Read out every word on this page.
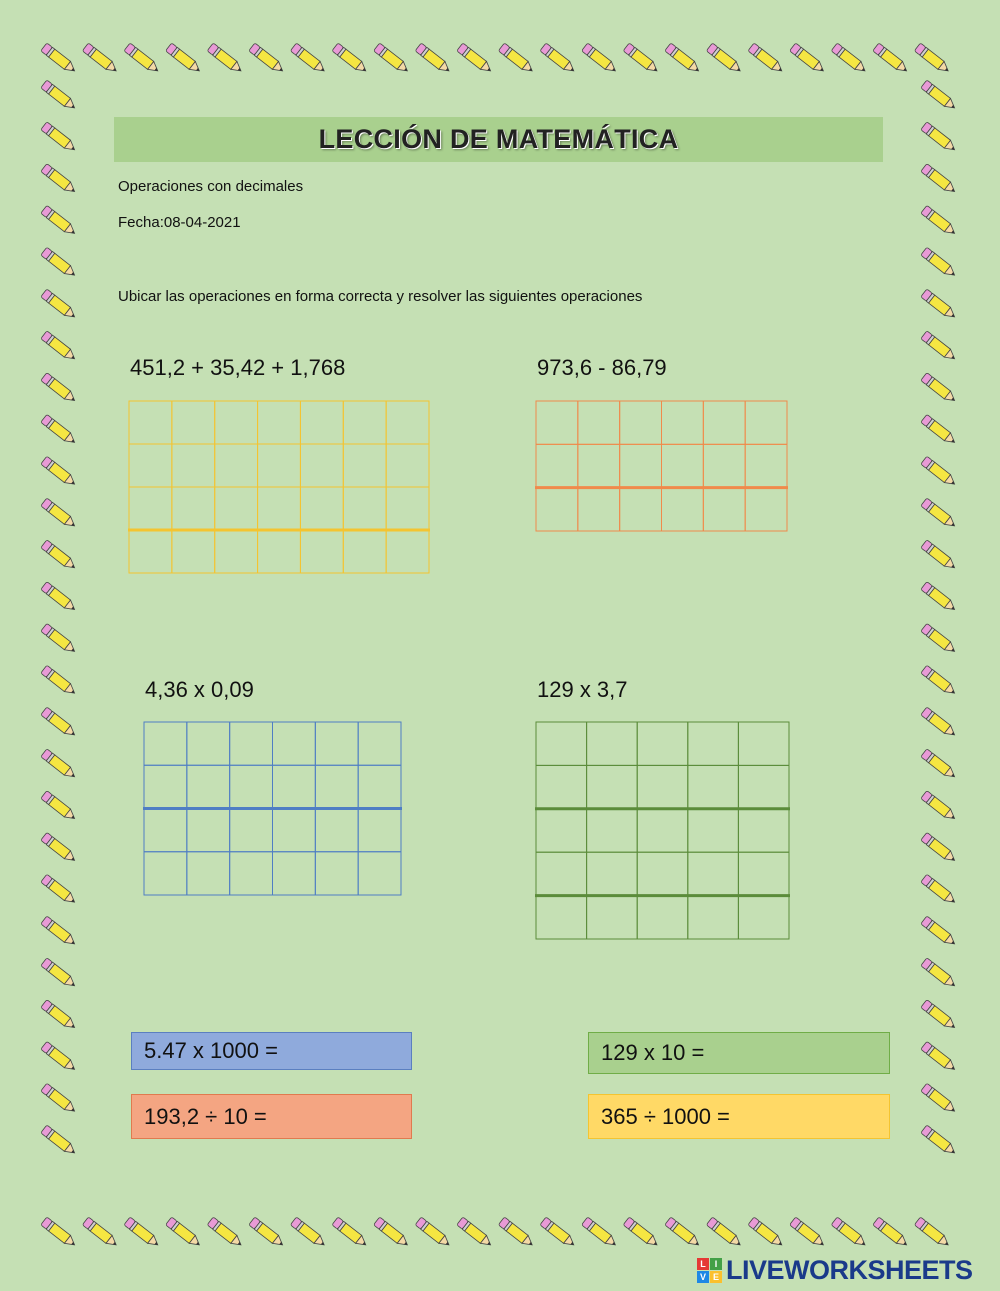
LECCIÓN DE MATEMÁTICA
Operaciones con decimales
Fecha:08-04-2021
Ubicar las operaciones en forma correcta y resolver las siguientes operaciones
451,2 + 35,42 + 1,768	973,6 - 86,79
4,36 x 0,09	129 x 3,7
5.47 x 1000 =	129 x 10 =
193,2 ÷ 10 =	365 ÷ 1000 =
L I
V E LIVEWORKSHEETS
